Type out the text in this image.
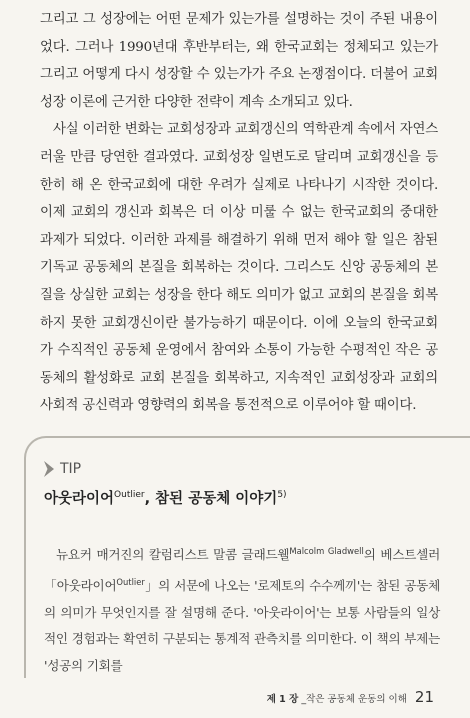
그리고 그 성장에는 어떤 문제가 있는가를 설명하는 것이 주된 내용이었다. 그러나 1990년대 후반부터는, 왜 한국교회는 정체되고 있는가 그리고 어떻게 다시 성장할 수 있는가가 주요 논쟁점이다. 더불어 교회성장 이론에 근거한 다양한 전략이 계속 소개되고 있다.

사실 이러한 변화는 교회성장과 교회갱신의 역학관계 속에서 자연스러울 만큼 당연한 결과였다. 교회성장 일변도로 달리며 교회갱신을 등한히 해 온 한국교회에 대한 우려가 실제로 나타나기 시작한 것이다. 이제 교회의 갱신과 회복은 더 이상 미룰 수 없는 한국교회의 중대한 과제가 되었다. 이러한 과제를 해결하기 위해 먼저 해야 할 일은 참된 기독교 공동체의 본질을 회복하는 것이다. 그리스도 신앙 공동체의 본질을 상실한 교회는 성장을 한다 해도 의미가 없고 교회의 본질을 회복하지 못한 교회갱신이란 불가능하기 때문이다. 이에 오늘의 한국교회가 수직적인 공동체 운영에서 참여와 소통이 가능한 수평적인 작은 공동체의 활성화로 교회 본질을 회복하고, 지속적인 교회성장과 교회의 사회적 공신력과 영향력의 회복을 통전적으로 이루어야 할 때이다.

TIP
아웃라이어$^{Outlier}$, 참된 공동체 이야기$^{5)}$
뉴요커 매거진의 칼럼리스트 말콤 글래드웰$^{Malcolm Gladwell}$의 베스트셀러 「아웃라이어$^{Outlier}$」의 서문에 나오는 '로제토의 수수께끼'는 참된 공동체의 의미가 무엇인지를 잘 설명해 준다. '아웃라이어'는 보통 사람들의 일상적인 경험과는 확연히 구분되는 통계적 관측치를 의미한다. 이 책의 부제는 '성공의 기회를
제 1 장 _작은 공동체 운동의 이해 21
